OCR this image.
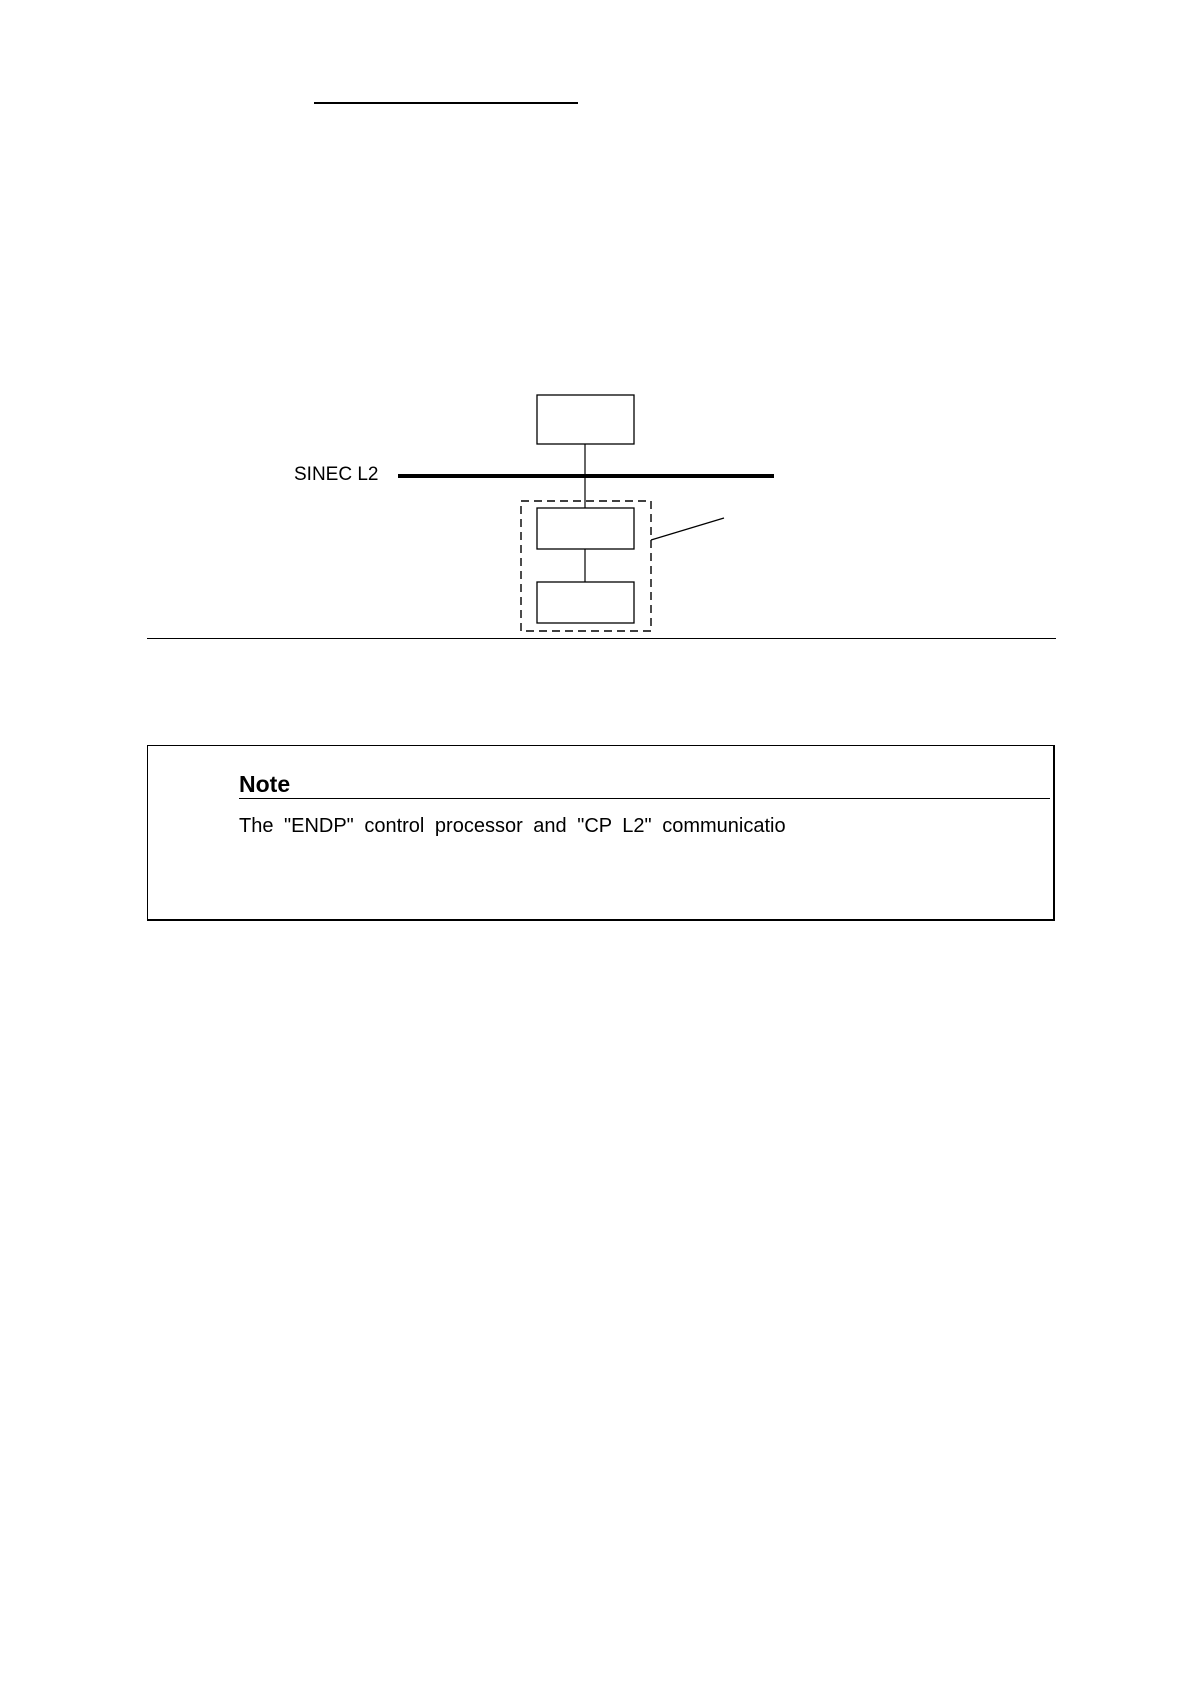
SINEC L2
Note
The "ENDP" control processor and "CP L2" communicatio
